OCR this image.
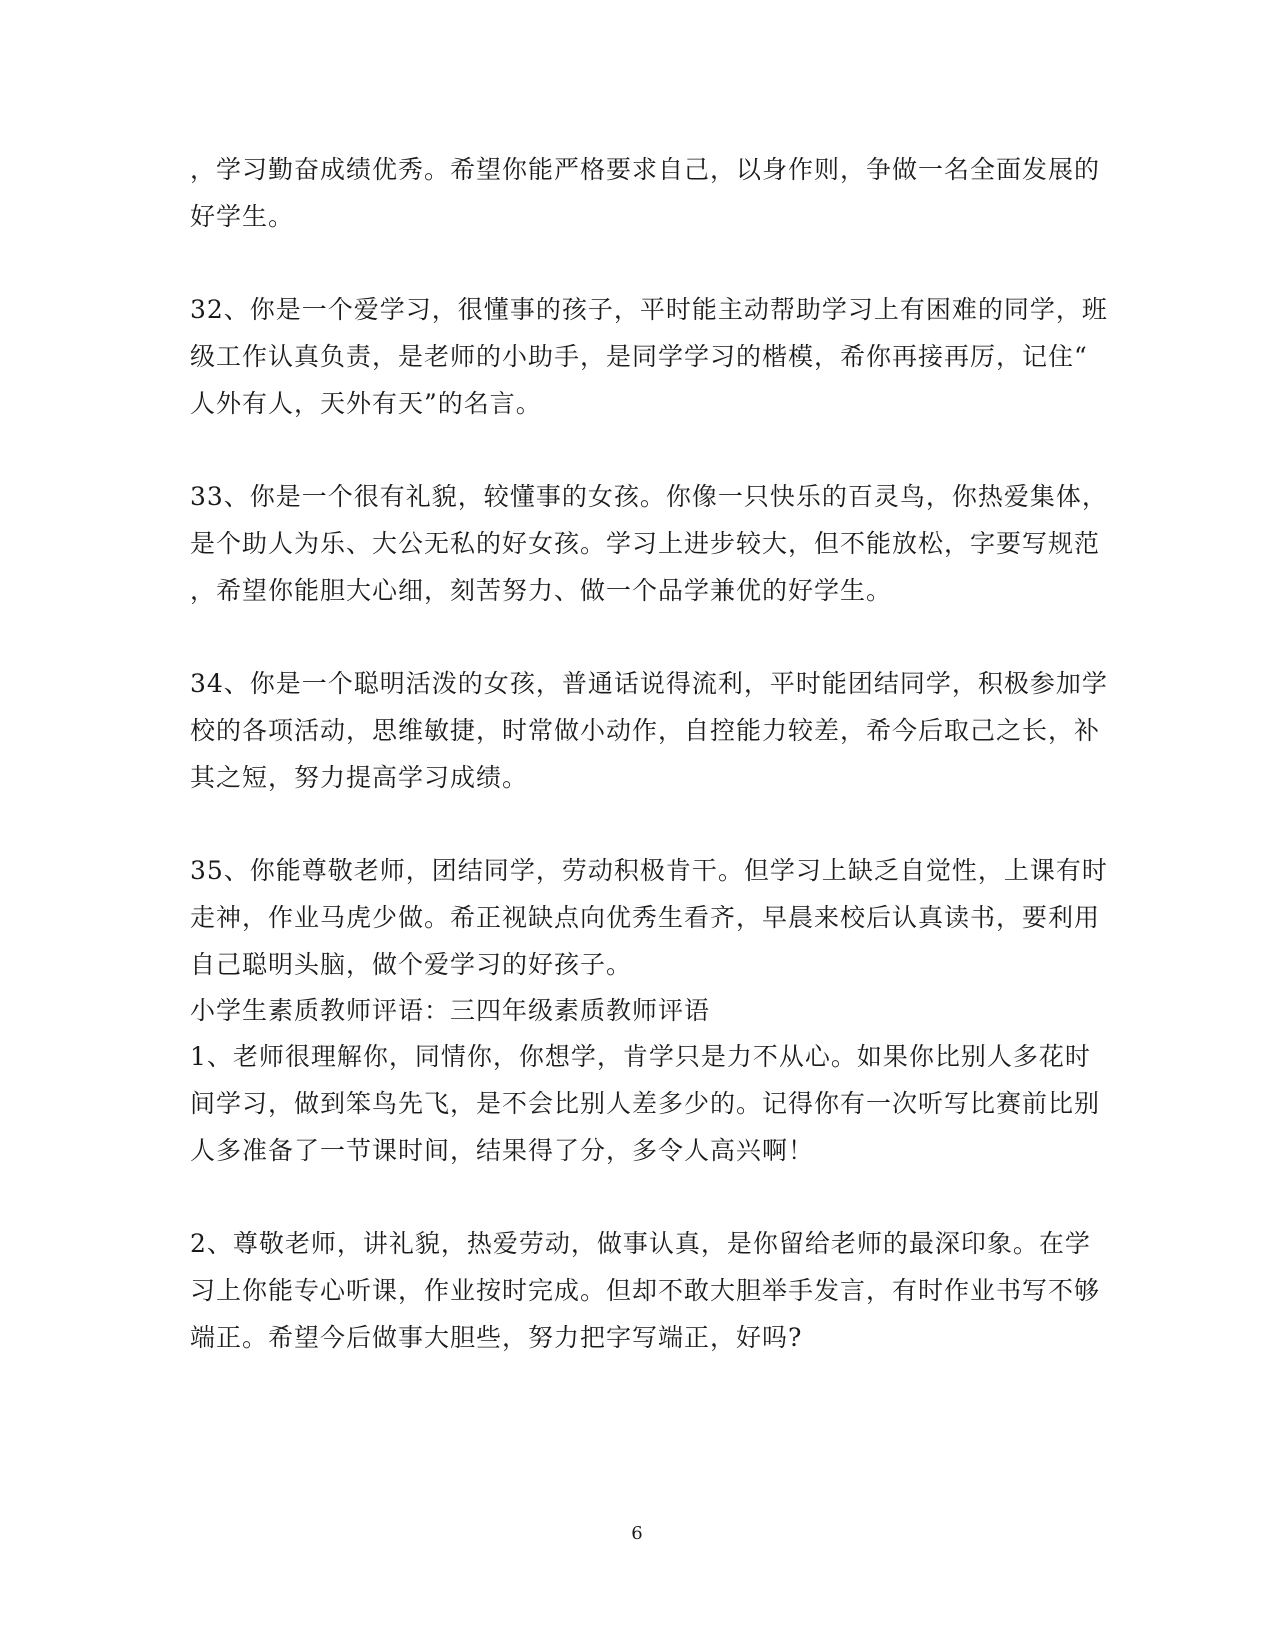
，学习勤奋成绩优秀。希望你能严格要求自己，以身作则，争做一名全面发展的
好学生。
32、你是一个爱学习，很懂事的孩子，平时能主动帮助学习上有困难的同学，班
级工作认真负责，是老师的小助手，是同学学习的楷模，希你再接再厉，记住“
人外有人，天外有天”的名言。
33、你是一个很有礼貌，较懂事的女孩。你像一只快乐的百灵鸟，你热爱集体，
是个助人为乐、大公无私的好女孩。学习上进步较大，但不能放松，字要写规范
，希望你能胆大心细，刻苦努力、做一个品学兼优的好学生。
34、你是一个聪明活泼的女孩，普通话说得流利，平时能团结同学，积极参加学
校的各项活动，思维敏捷，时常做小动作，自控能力较差，希今后取己之长，补
其之短，努力提高学习成绩。
35、你能尊敬老师，团结同学，劳动积极肯干。但学习上缺乏自觉性，上课有时
走神，作业马虎少做。希正视缺点向优秀生看齐，早晨来校后认真读书，要利用
自己聪明头脑，做个爱学习的好孩子。
小学生素质教师评语：三四年级素质教师评语
1、老师很理解你，同情你，你想学，肯学只是力不从心。如果你比别人多花时
间学习，做到笨鸟先飞，是不会比别人差多少的。记得你有一次听写比赛前比别
人多准备了一节课时间，结果得了分，多令人高兴啊！
2、尊敬老师，讲礼貌，热爱劳动，做事认真，是你留给老师的最深印象。在学
习上你能专心听课，作业按时完成。但却不敢大胆举手发言，有时作业书写不够
端正。希望今后做事大胆些，努力把字写端正，好吗?
6
